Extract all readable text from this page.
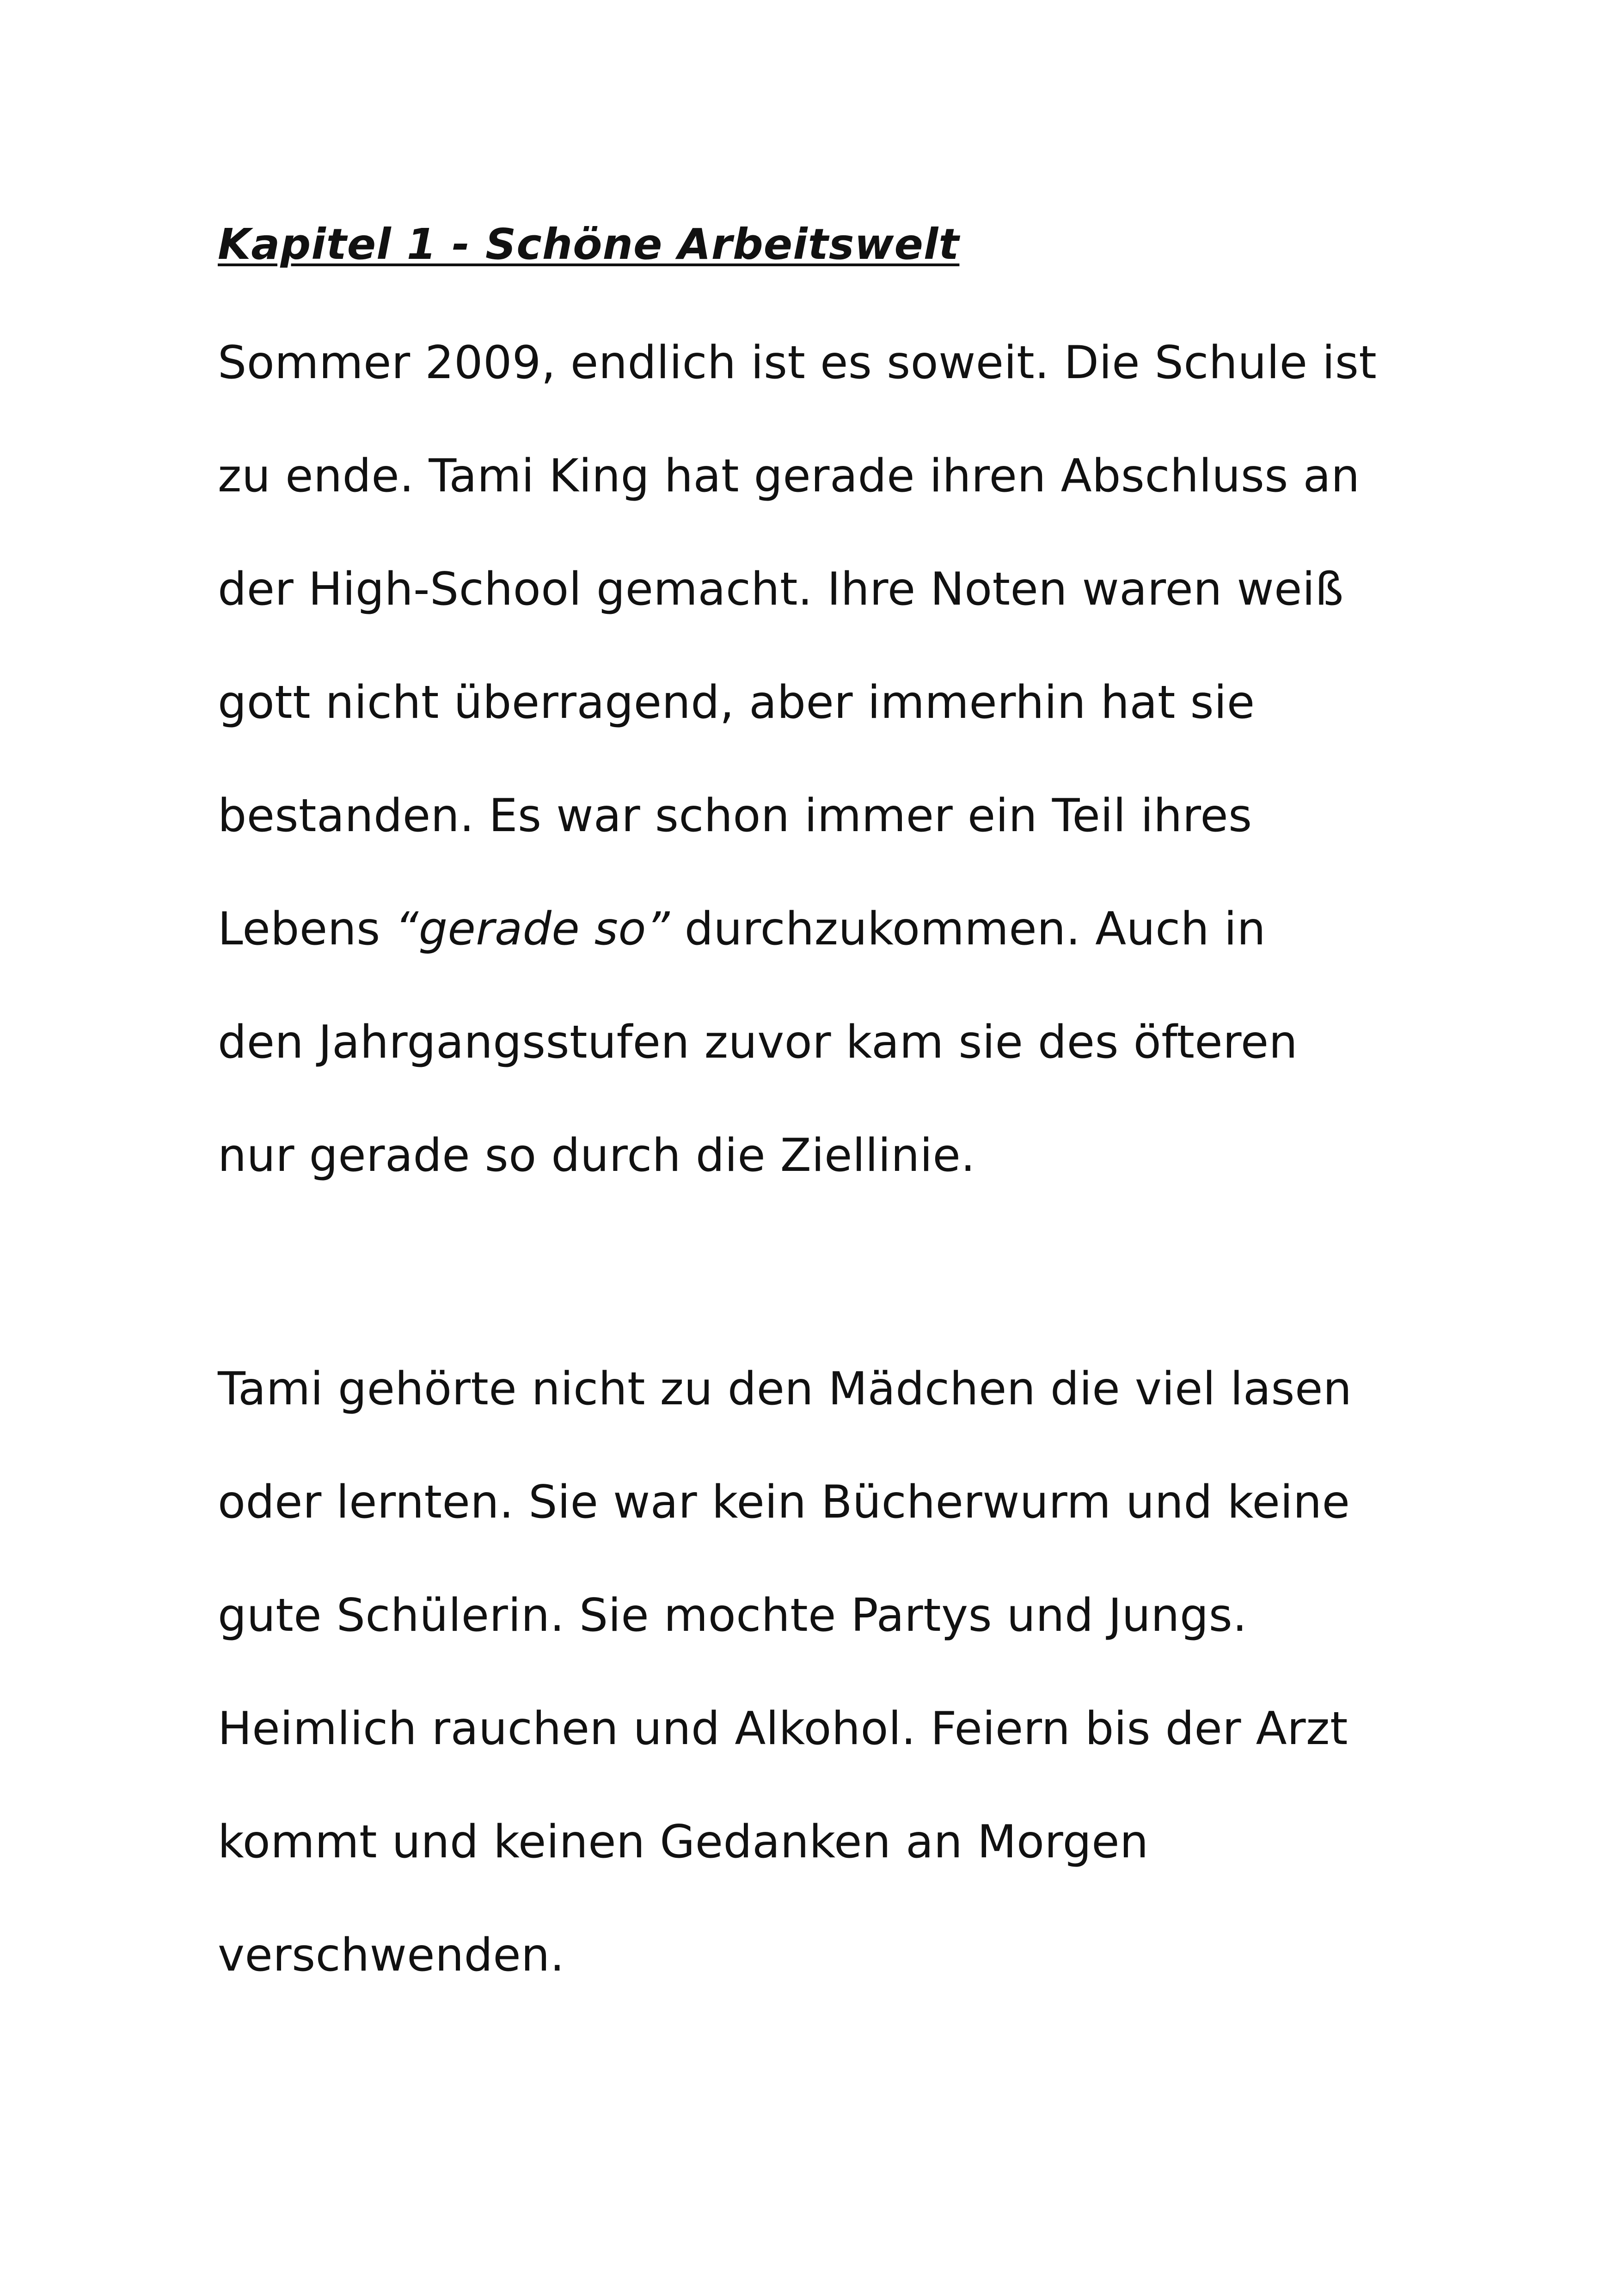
Kapitel 1 - Schöne Arbeitswelt

Sommer 2009, endlich ist es soweit. Die Schule ist

zu ende. Tami King hat gerade ihren Abschluss an

der High-School gemacht. Ihre Noten waren weiß

gott nicht überragend, aber immerhin hat sie

bestanden. Es war schon immer ein Teil ihres

Lebens “gerade so” durchzukommen. Auch in

den Jahrgangsstufen zuvor kam sie des öfteren

nur gerade so durch die Ziellinie.

Tami gehörte nicht zu den Mädchen die viel lasen

oder lernten. Sie war kein Bücherwurm und keine

gute Schülerin. Sie mochte Partys und Jungs.

Heimlich rauchen und Alkohol. Feiern bis der Arzt

kommt und keinen Gedanken an Morgen

verschwenden.
